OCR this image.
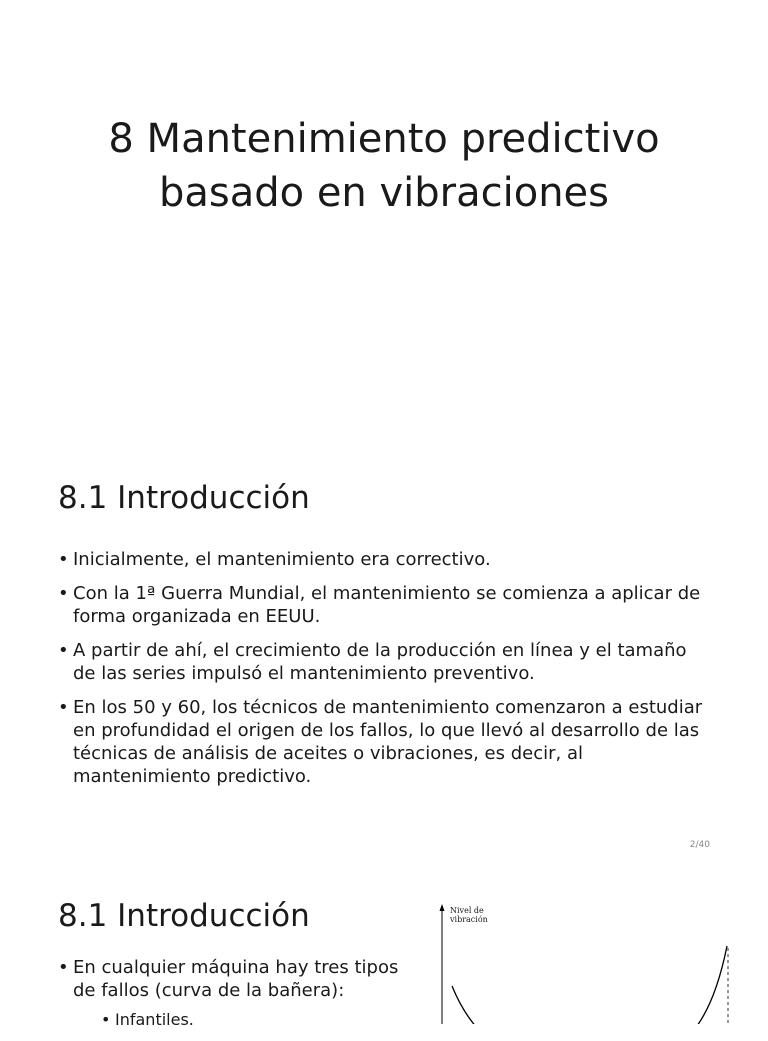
8 Mantenimiento predictivo
basado en vibraciones
8.1 Introducción
• Inicialmente, el mantenimiento era correctivo.
• Con la 1ª Guerra Mundial, el mantenimiento se comienza a aplicar de forma organizada en EEUU.
• A partir de ahí, el crecimiento de la producción en línea y el tamaño de las series impulsó el mantenimiento preventivo.
• En los 50 y 60, los técnicos de mantenimiento comenzaron a estudiar en profundidad el origen de los fallos, lo que llevó al desarrollo de las técnicas de análisis de aceites o vibraciones, es decir, al mantenimiento predictivo.
2/40
8.1 Introducción
• En cualquier máquina hay tres tipos de fallos (curva de la bañera):
• Infantiles.
Nivel de
vibración
